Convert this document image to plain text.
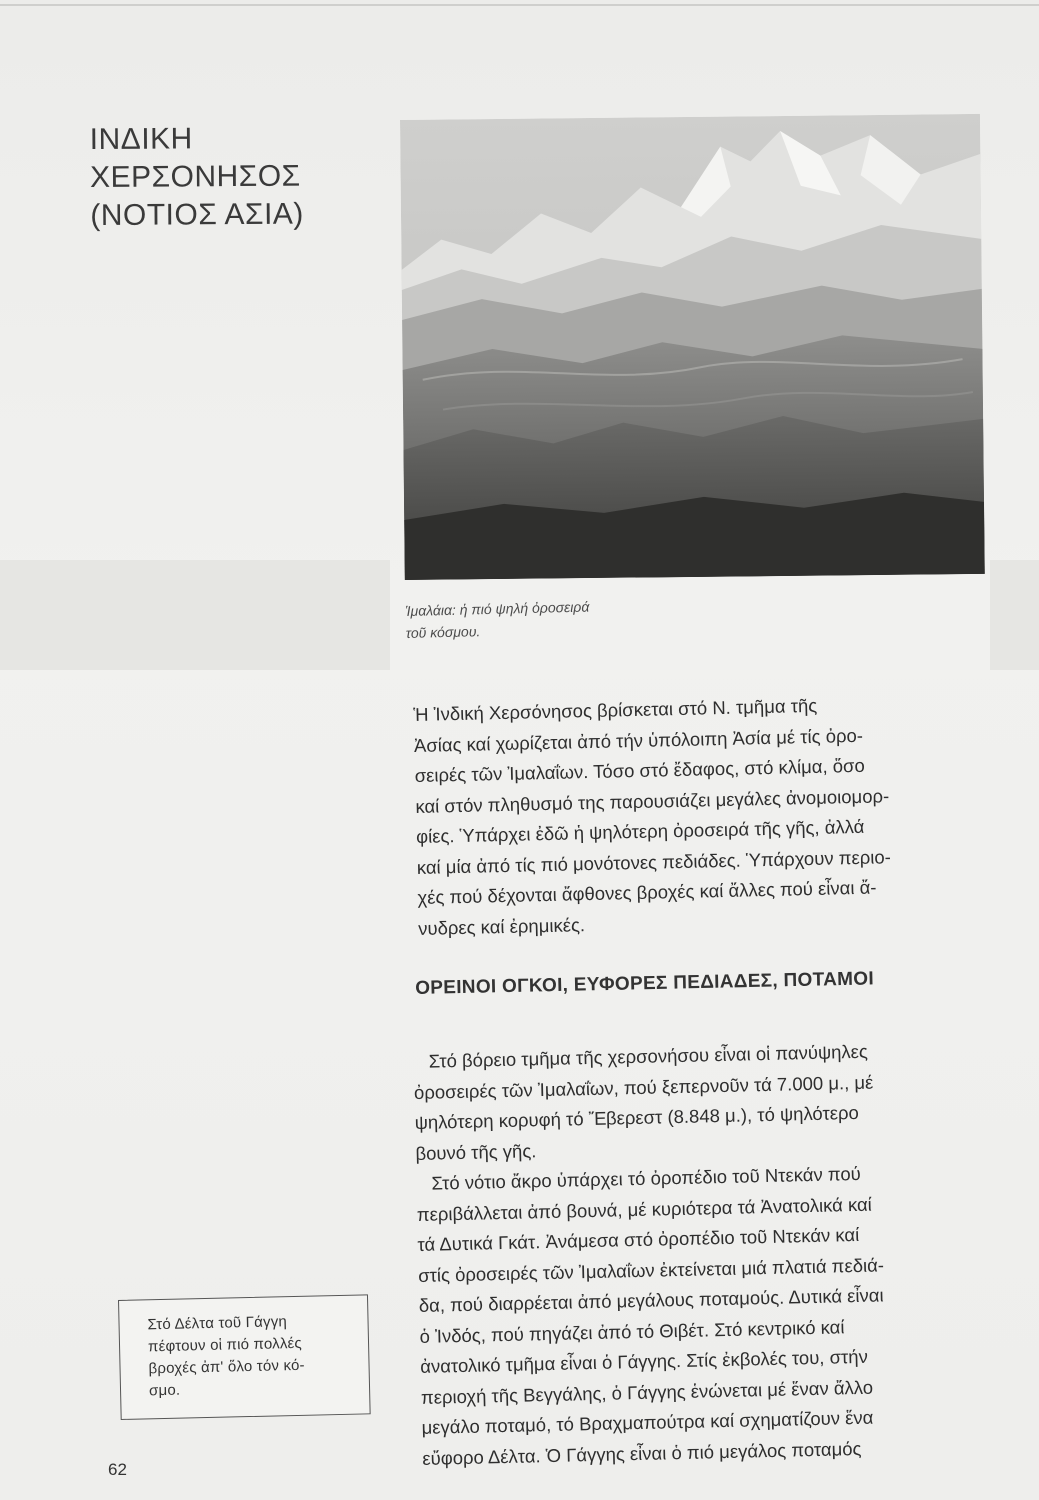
ΙΝΔΙΚΗ
ΧΕΡΣΟΝΗΣΟΣ
(ΝΟΤΙΟΣ ΑΣΙΑ)

Ἱμαλάια: ἡ πιό ψηλή ὀροσειρά
τοῦ κόσμου.

Ἡ Ἰνδική Χερσόνησος βρίσκεται στό Ν. τμῆμα τῆς
Ἀσίας καί χωρίζεται ἀπό τήν ὑπόλοιπη Ἀσία μέ τίς ὀρο-
σειρές τῶν Ἰμαλαΐων. Τόσο στό ἔδαφος, στό κλίμα, ὅσο
καί στόν πληθυσμό της παρουσιάζει μεγάλες ἀνομοιομορ-
φίες. Ὑπάρχει ἐδῶ ἡ ψηλότερη ὀροσειρά τῆς γῆς, ἀλλά
καί μία ἀπό τίς πιό μονότονες πεδιάδες. Ὑπάρχουν περιο-
χές πού δέχονται ἄφθονες βροχές καί ἄλλες πού εἶναι ἄ-
νυδρες καί ἐρημικές.
ΟΡΕΙΝΟΙ ΟΓΚΟΙ, ΕΥΦΟΡΕΣ ΠΕΔΙΑΔΕΣ, ΠΟΤΑΜΟΙ
Στό βόρειο τμῆμα τῆς χερσονήσου εἶναι οἱ πανύψηλες
ὀροσειρές τῶν Ἰμαλαΐων, πού ξεπερνοῦν τά 7.000 μ., μέ
ψηλότερη κορυφή τό Ἔβερεστ (8.848 μ.), τό ψηλότερο
βουνό τῆς γῆς.
Στό νότιο ἄκρο ὑπάρχει τό ὀροπέδιο τοῦ Ντεκάν πού
περιβάλλεται ἀπό βουνά, μέ κυριότερα τά Ἀνατολικά καί
τά Δυτικά Γκάτ. Ἀνάμεσα στό ὀροπέδιο τοῦ Ντεκάν καί
στίς ὀροσειρές τῶν Ἰμαλαΐων ἐκτείνεται μιά πλατιά πεδιά-
δα, πού διαρρέεται ἀπό μεγάλους ποταμούς. Δυτικά εἶναι
ὁ Ἰνδός, πού πηγάζει ἀπό τό Θιβέτ. Στό κεντρικό καί
ἀνατολικό τμῆμα εἶναι ὁ Γάγγης. Στίς ἐκβολές του, στήν
περιοχή τῆς Βεγγάλης, ὁ Γάγγης ἑνώνεται μέ ἕναν ἄλλο
μεγάλο ποταμό, τό Βραχμαπούτρα καί σχηματίζουν ἕνα
εὔφορο Δέλτα. Ὁ Γάγγης εἶναι ὁ πιό μεγάλος ποταμός

Στό Δέλτα τοῦ Γάγγη
πέφτουν οἱ πιό πολλές
βροχές ἀπ' ὅλο τόν κό-
σμο.

62
